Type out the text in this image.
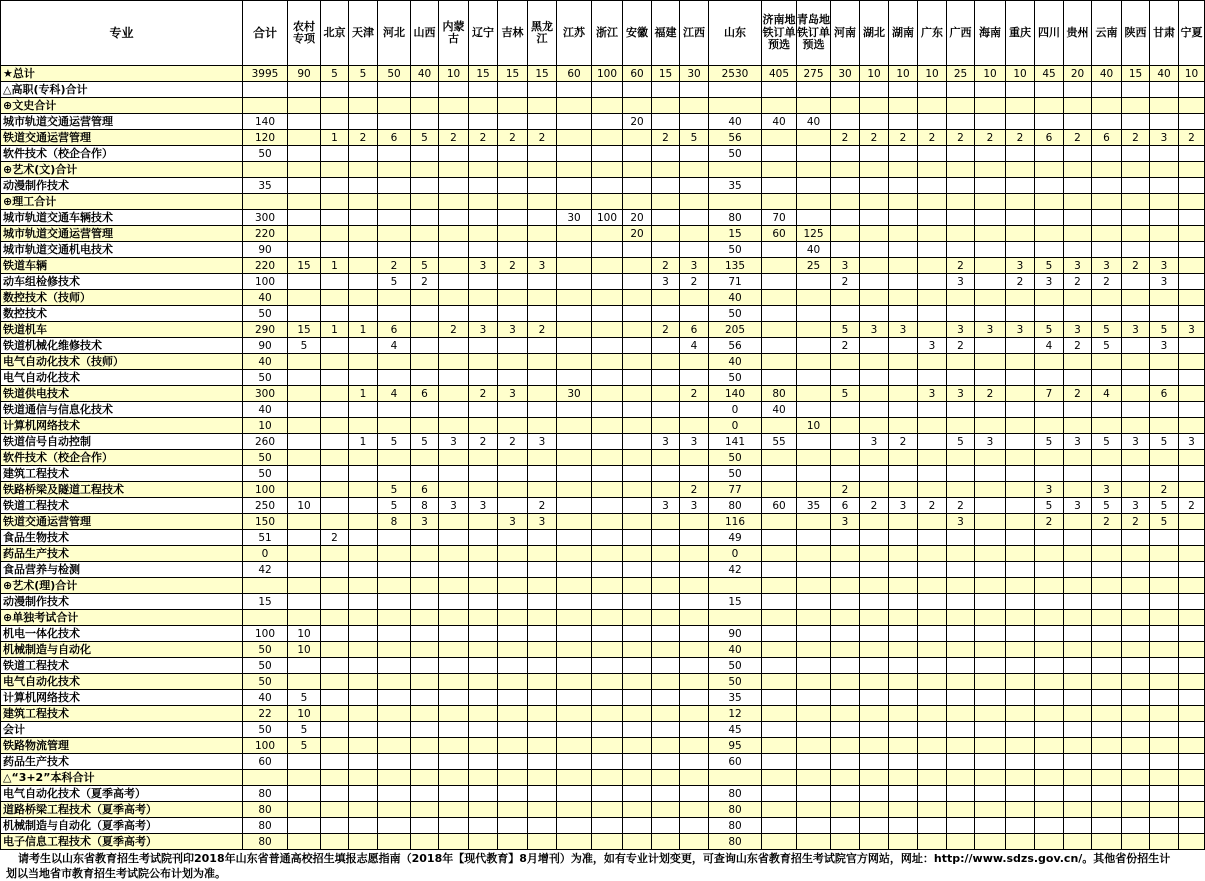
专业	合计	农村专项	北京	天津	河北	山西	内蒙古	辽宁	吉林	黑龙江	江苏	浙江	安徽	福建	江西	山东	济南地铁订单预选	青岛地铁订单预选	河南	湖北	湖南	广东	广西	海南	重庆	四川	贵州	云南	陕西	甘肃	宁夏
★总计	3995	90	5	5	50	40	10	15	15	15	60	100	60	15	30	2530	405	275	30	10	10	10	25	10	10	45	20	40	15	40	10
△高职(专科)合计																															
⊕文史合计																															
城市轨道交通运营管理	140												20			40	40	40													
铁道交通运营管理	120		1	2	6	5	2	2	2	2				2	5	56			2	2	2	2	2	2	2	6	2	6	2	3	2
软件技术（校企合作）	50															50															
⊕艺术(文)合计																															
动漫制作技术	35															35															
⊕理工合计																															
城市轨道交通车辆技术	300										30	100	20			80	70														
城市轨道交通运营管理	220												20			15	60	125													
城市轨道交通机电技术	90															50		40													
铁道车辆	220	15	1		2	5		3	2	3				2	3	135		25	3				2		3	5	3	3	2	3	
动车组检修技术	100				5	2								3	2	71			2				3		2	3	2	2		3	
数控技术（技师）	40															40															
数控技术	50															50															
铁道机车	290	15	1	1	6		2	3	3	2				2	6	205			5	3	3		3	3	3	5	3	5	3	5	3
铁道机械化维修技术	90	5			4										4	56			2			3	2			4	2	5		3	
电气自动化技术（技师）	40															40															
电气自动化技术	50															50															
铁道供电技术	300			1	4	6		2	3		30				2	140	80		5			3	3	2		7	2	4		6	
铁道通信与信息化技术	40															0	40														
计算机网络技术	10															0		10													
铁道信号自动控制	260			1	5	5	3	2	2	3				3	3	141	55			3	2		5	3		5	3	5	3	5	3
软件技术（校企合作）	50															50															
建筑工程技术	50															50															
铁路桥梁及隧道工程技术	100				5	6									2	77			2							3		3		2	
铁道工程技术	250	10			5	8	3	3		2				3	3	80	60	35	6	2	3	2	2			5	3	5	3	5	2
铁道交通运营管理	150				8	3			3	3						116			3				3			2		2	2	5	
食品生物技术	51		2													49															
药品生产技术	0															0															
食品营养与检测	42															42															
⊕艺术(理)合计																															
动漫制作技术	15															15															
⊕单独考试合计																															
机电一体化技术	100	10														90															
机械制造与自动化	50	10														40															
铁道工程技术	50															50															
电气自动化技术	50															50															
计算机网络技术	40	5														35															
建筑工程技术	22	10														12															
会计	50	5														45															
铁路物流管理	100	5														95															
药品生产技术	60															60															
△“3+2”本科合计																															
电气自动化技术（夏季高考）	80															80															
道路桥梁工程技术（夏季高考）	80															80															
机械制造与自动化（夏季高考）	80															80															
电子信息工程技术（夏季高考）	80															80															
请考生以山东省教育招生考试院刊印2018年山东省普通高校招生填报志愿指南（2018年【现代教育】8月增刊）为准，如有专业计划变更，可查询山东省教育招生考试院官方网站，网址：http://www.sdzs.gov.cn/。其他省份招生计划以当地省市教育招生考试院公布计划为准。
